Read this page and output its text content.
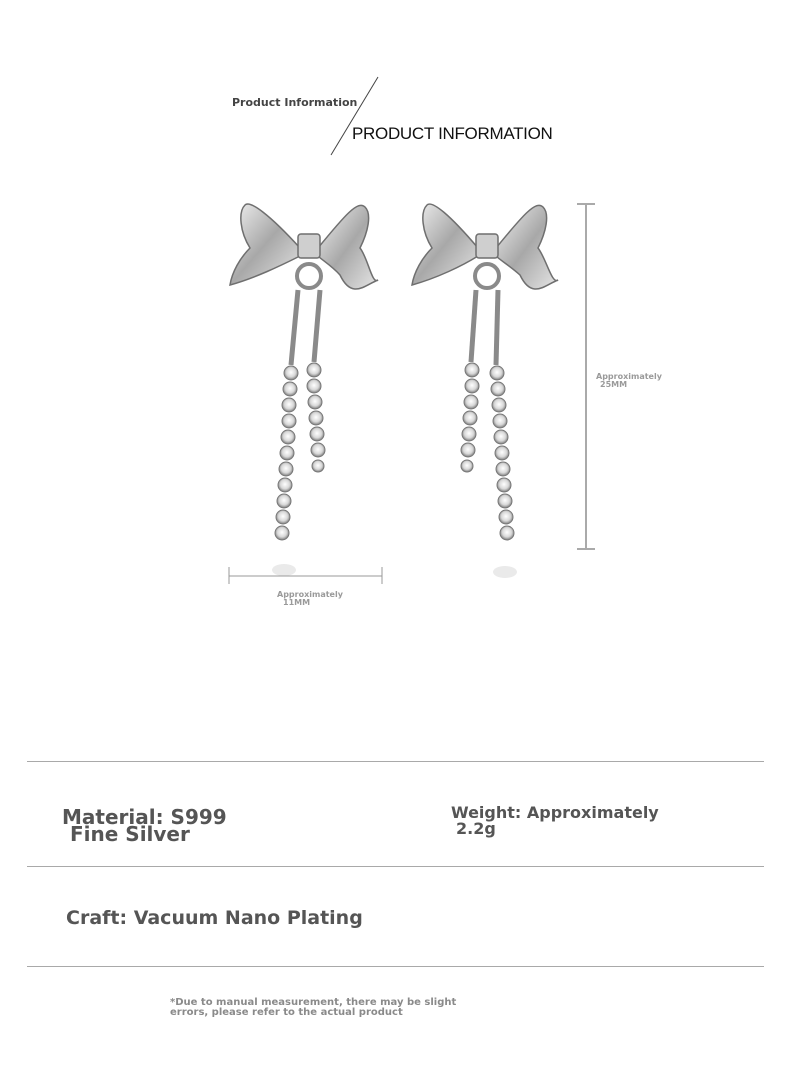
Product Information
PRODUCT INFORMATION
Approximately
11MM
Approximately
25MM
Material: S999
Fine Silver
Weight: Approximately
2.2g
Craft: Vacuum Nano Plating
*Due to manual measurement, there may be slight
errors, please refer to the actual product
